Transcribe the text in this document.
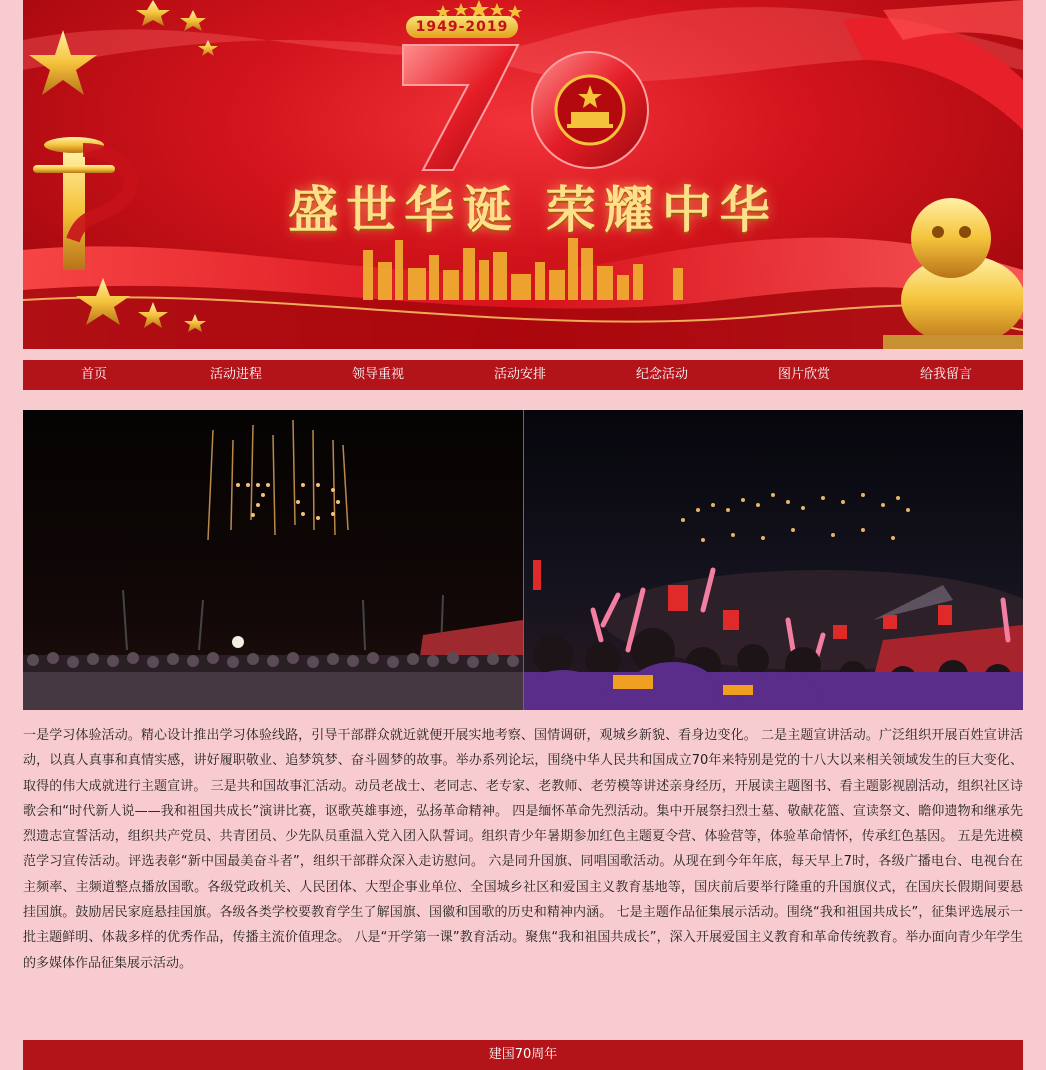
1949-2019
盛世华诞 荣耀中华
首页	活动进程	领导重视	活动安排	纪念活动	图片欣赏	给我留言
一是学习体验活动。精心设计推出学习体验线路，引导干部群众就近就便开展实地考察、国情调研，观城乡新貌、看身边变化。 二是主题宣讲活动。广泛组织开展百姓宣讲活动，以真人真事和真情实感，讲好履职敬业、追梦筑梦、奋斗圆梦的故事。举办系列论坛，围绕中华人民共和国成立70年来特别是党的十八大以来相关领域发生的巨大变化、取得的伟大成就进行主题宣讲。 三是共和国故事汇活动。动员老战士、老同志、老专家、老教师、老劳模等讲述亲身经历，开展读主题图书、看主题影视剧活动，组织社区诗歌会和“时代新人说——我和祖国共成长”演讲比赛，讴歌英雄事迹，弘扬革命精神。 四是缅怀革命先烈活动。集中开展祭扫烈士墓、敬献花篮、宣读祭文、瞻仰遗物和继承先烈遗志宣誓活动，组织共产党员、共青团员、少先队员重温入党入团入队誓词。组织青少年暑期参加红色主题夏令营、体验营等，体验革命情怀，传承红色基因。 五是先进模范学习宣传活动。评选表彰“新中国最美奋斗者”，组织干部群众深入走访慰问。 六是同升国旗、同唱国歌活动。从现在到今年年底，每天早上7时，各级广播电台、电视台在主频率、主频道整点播放国歌。各级党政机关、人民团体、大型企事业单位、全国城乡社区和爱国主义教育基地等，国庆前后要举行隆重的升国旗仪式，在国庆长假期间要悬挂国旗。鼓励居民家庭悬挂国旗。各级各类学校要教育学生了解国旗、国徽和国歌的历史和精神内涵。 七是主题作品征集展示活动。围绕“我和祖国共成长”，征集评选展示一批主题鲜明、体裁多样的优秀作品，传播主流价值理念。 八是“开学第一课”教育活动。聚焦“我和祖国共成长”，深入开展爱国主义教育和革命传统教育。举办面向青少年学生的多媒体作品征集展示活动。
建国70周年
